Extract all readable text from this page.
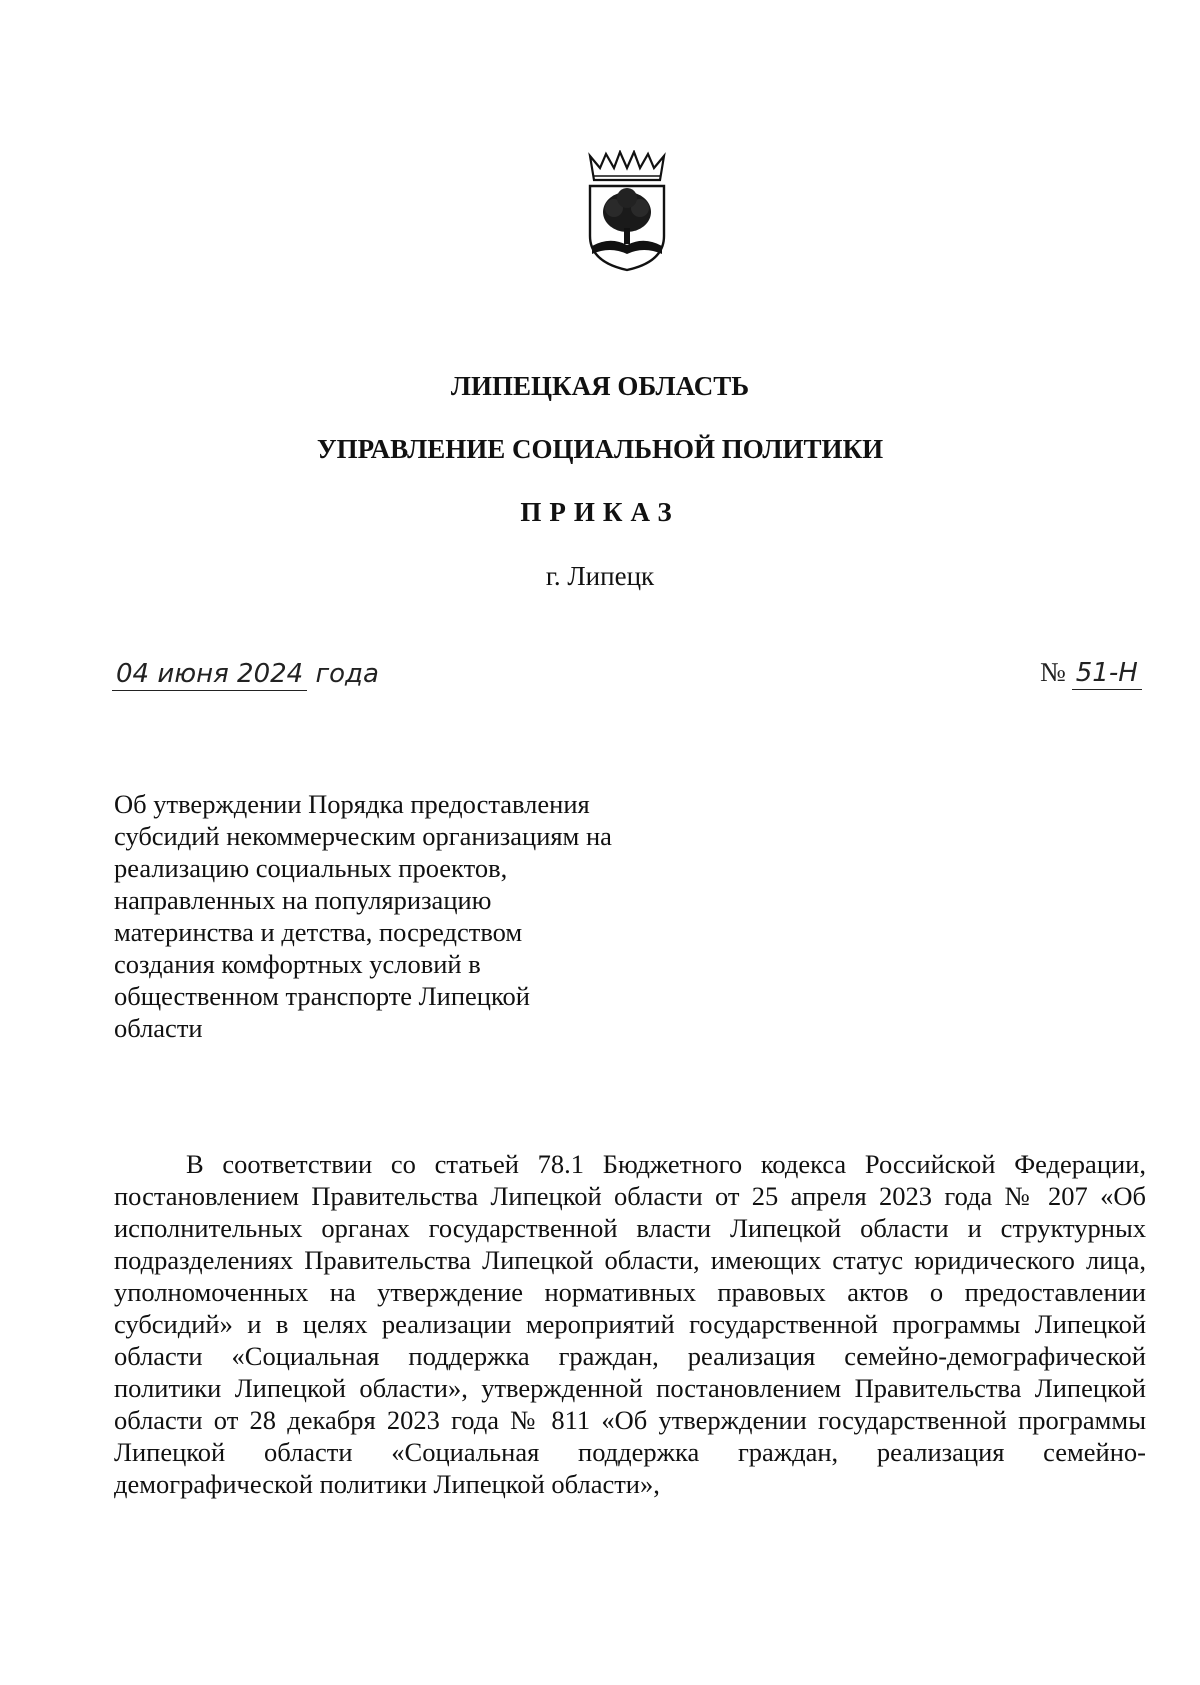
ЛИПЕЦКАЯ ОБЛАСТЬ
УПРАВЛЕНИЕ СОЦИАЛЬНОЙ ПОЛИТИКИ
ПРИКАЗ
г. Липецк
04 июня 2024 года	№ 51-Н
Об утверждении Порядка предоставления
субсидий некоммерческим организациям на
реализацию социальных проектов,
направленных на популяризацию
материнства и детства, посредством
создания комфортных условий в
общественном транспорте Липецкой
области
В соответствии со статьей 78.1 Бюджетного кодекса Российской Федерации, постановлением Правительства Липецкой области от 25 апреля 2023 года № 207 «Об исполнительных органах государственной власти Липецкой области и структурных подразделениях Правительства Липецкой области, имеющих статус юридического лица, уполномоченных на утверждение нормативных правовых актов о предоставлении субсидий» и в целях реализации мероприятий государственной программы Липецкой области «Социальная поддержка граждан, реализация семейно-демографической политики Липецкой области», утвержденной постановлением Правительства Липецкой области от 28 декабря 2023 года № 811 «Об утверждении государственной программы Липецкой области «Социальная поддержка граждан, реализация семейно-демографической политики Липецкой области»,
